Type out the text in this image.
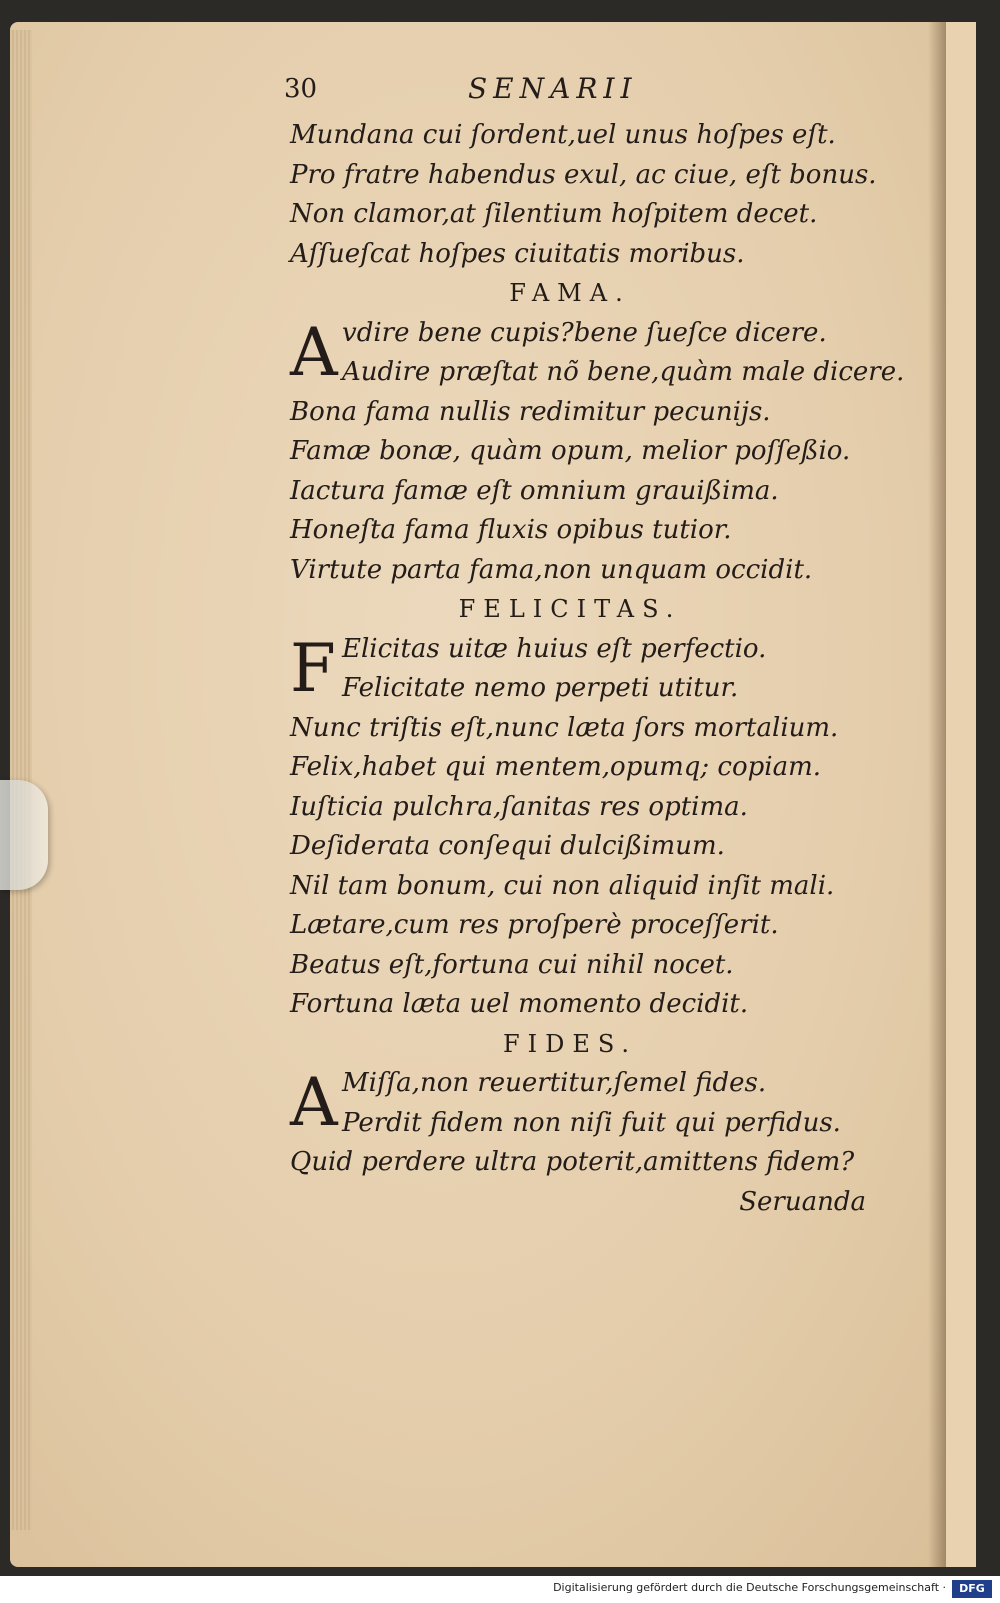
30	SENARII
Mundana cui ſordent,uel unus hoſpes eſt.
Pro fratre habendus exul, ac ciue, eſt bonus.
Non clamor,at ſilentium hoſpitem decet.
Aſſueſcat hoſpes ciuitatis moribus.
FAMA.
A vdire bene cupis?bene ſueſce dicere.
Audire præſtat nõ bene,quàm male dicere.
Bona fama nullis redimitur pecunijs.
Famæ bonæ, quàm opum, melior poſſeßio.
Iactura famæ eſt omnium grauißima.
Honeſta fama fluxis opibus tutior.
Virtute parta fama,non unquam occidit.
FELICITAS.
F Elicitas uitæ huius eſt perfectio.
Felicitate nemo perpeti utitur.
Nunc triſtis eſt,nunc læta ſors mortalium.
Felix,habet qui mentem,opumq; copiam.
Iuſticia pulchra,ſanitas res optima.
Deſiderata conſequi dulcißimum.
Nil tam bonum, cui non aliquid inſit mali.
Lætare,cum res proſperè proceſſerit.
Beatus eſt,fortuna cui nihil nocet.
Fortuna læta uel momento decidit.
FIDES.
A Miſſa,non reuertitur,ſemel fides.
Perdit fidem non niſi fuit qui perfidus.
Quid perdere ultra poterit,amittens fidem?
Seruanda
Digitalisierung gefördert durch die Deutsche Forschungsgemeinschaft ·	DFG
